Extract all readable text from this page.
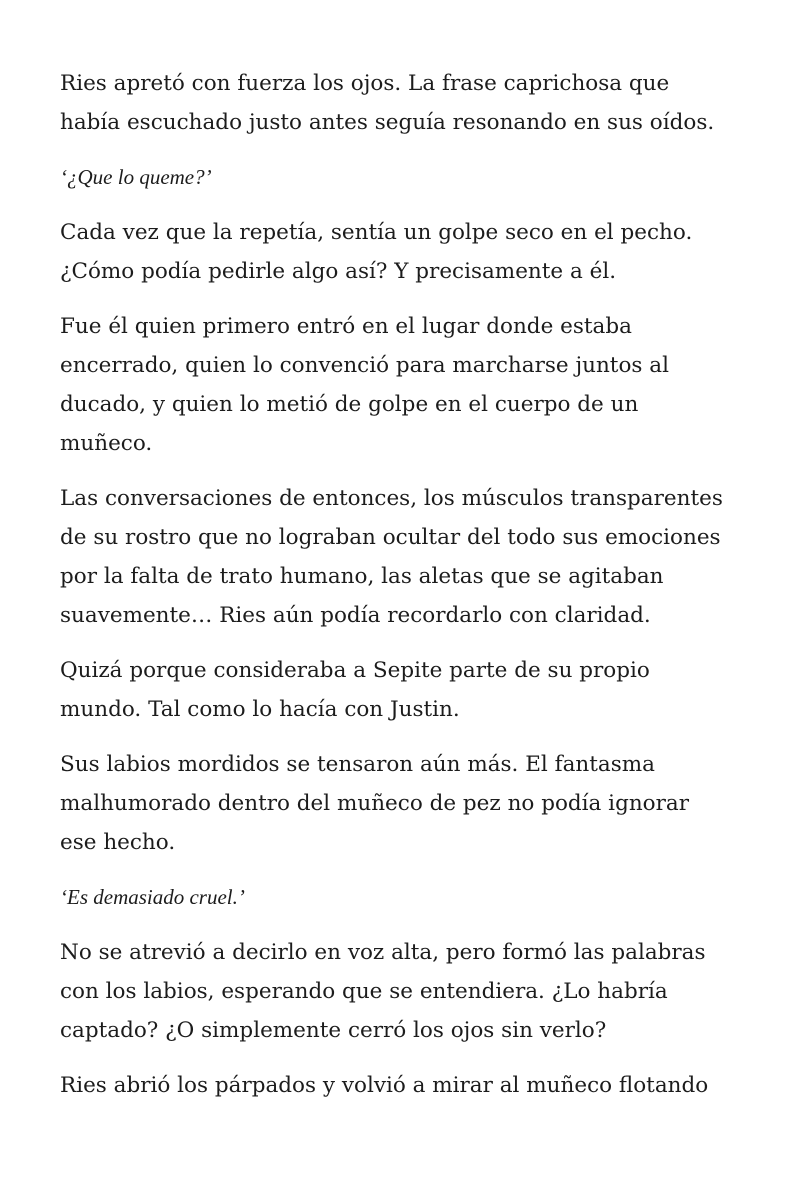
Ries apretó con fuerza los ojos. La frase caprichosa que
había escuchado justo antes seguía resonando en sus oídos.

‘¿Que lo queme?’

Cada vez que la repetía, sentía un golpe seco en el pecho.
¿Cómo podía pedirle algo así? Y precisamente a él.

Fue él quien primero entró en el lugar donde estaba
encerrado, quien lo convenció para marcharse juntos al
ducado, y quien lo metió de golpe en el cuerpo de un
muñeco.

Las conversaciones de entonces, los músculos transparentes
de su rostro que no lograban ocultar del todo sus emociones
por la falta de trato humano, las aletas que se agitaban
suavemente… Ries aún podía recordarlo con claridad.

Quizá porque consideraba a Sepite parte de su propio
mundo. Tal como lo hacía con Justin.

Sus labios mordidos se tensaron aún más. El fantasma
malhumorado dentro del muñeco de pez no podía ignorar
ese hecho.

‘Es demasiado cruel.’

No se atrevió a decirlo en voz alta, pero formó las palabras
con los labios, esperando que se entendiera. ¿Lo habría
captado? ¿O simplemente cerró los ojos sin verlo?

Ries abrió los párpados y volvió a mirar al muñeco flotando
